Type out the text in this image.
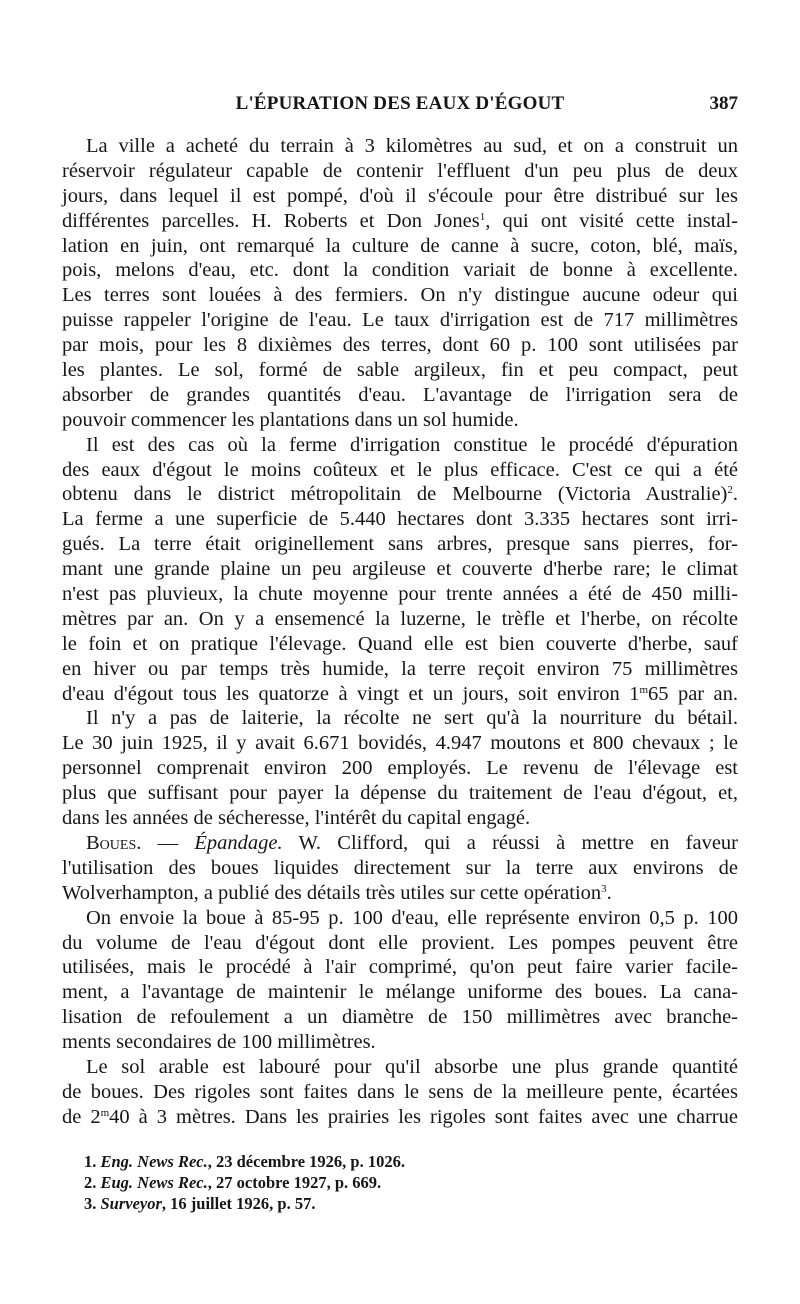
L'ÉPURATION DES EAUX D'ÉGOUT	387
La ville a acheté du terrain à 3 kilomètres au sud, et on a construit un
réservoir régulateur capable de contenir l'effluent d'un peu plus de deux
jours, dans lequel il est pompé, d'où il s'écoule pour être distribué sur les
différentes parcelles. H. Roberts et Don Jones$^1$, qui ont visité cette instal-
lation en juin, ont remarqué la culture de canne à sucre, coton, blé, maïs,
pois, melons d'eau, etc. dont la condition variait de bonne à excellente.
Les terres sont louées à des fermiers. On n'y distingue aucune odeur qui
puisse rappeler l'origine de l'eau. Le taux d'irrigation est de 717 millimètres
par mois, pour les 8 dixièmes des terres, dont 60 p. 100 sont utilisées par
les plantes. Le sol, formé de sable argileux, fin et peu compact, peut
absorber de grandes quantités d'eau. L'avantage de l'irrigation sera de
pouvoir commencer les plantations dans un sol humide.
Il est des cas où la ferme d'irrigation constitue le procédé d'épuration
des eaux d'égout le moins coûteux et le plus efficace. C'est ce qui a été
obtenu dans le district métropolitain de Melbourne (Victoria Australie)$^2$.
La ferme a une superficie de 5.440 hectares dont 3.335 hectares sont irri-
gués. La terre était originellement sans arbres, presque sans pierres, for-
mant une grande plaine un peu argileuse et couverte d'herbe rare; le climat
n'est pas pluvieux, la chute moyenne pour trente années a été de 450 milli-
mètres par an. On y a ensemencé la luzerne, le trèfle et l'herbe, on récolte
le foin et on pratique l'élevage. Quand elle est bien couverte d'herbe, sauf
en hiver ou par temps très humide, la terre reçoit environ 75 millimètres
d'eau d'égout tous les quatorze à vingt et un jours, soit environ 1$^m$65 par an.
Il n'y a pas de laiterie, la récolte ne sert qu'à la nourriture du bétail.
Le 30 juin 1925, il y avait 6.671 bovidés, 4.947 moutons et 800 chevaux ; le
personnel comprenait environ 200 employés. Le revenu de l'élevage est
plus que suffisant pour payer la dépense du traitement de l'eau d'égout, et,
dans les années de sécheresse, l'intérêt du capital engagé.
Boues. — Épandage. W. Clifford, qui a réussi à mettre en faveur
l'utilisation des boues liquides directement sur la terre aux environs de
Wolverhampton, a publié des détails très utiles sur cette opération$^3$.
On envoie la boue à 85-95 p. 100 d'eau, elle représente environ 0,5 p. 100
du volume de l'eau d'égout dont elle provient. Les pompes peuvent être
utilisées, mais le procédé à l'air comprimé, qu'on peut faire varier facile-
ment, a l'avantage de maintenir le mélange uniforme des boues. La cana-
lisation de refoulement a un diamètre de 150 millimètres avec branche-
ments secondaires de 100 millimètres.
Le sol arable est labouré pour qu'il absorbe une plus grande quantité
de boues. Des rigoles sont faites dans le sens de la meilleure pente, écartées
de 2$^m$40 à 3 mètres. Dans les prairies les rigoles sont faites avec une charrue
1. Eng. News Rec., 23 décembre 1926, p. 1026.
2. Eug. News Rec., 27 octobre 1927, p. 669.
3. Surveyor, 16 juillet 1926, p. 57.
